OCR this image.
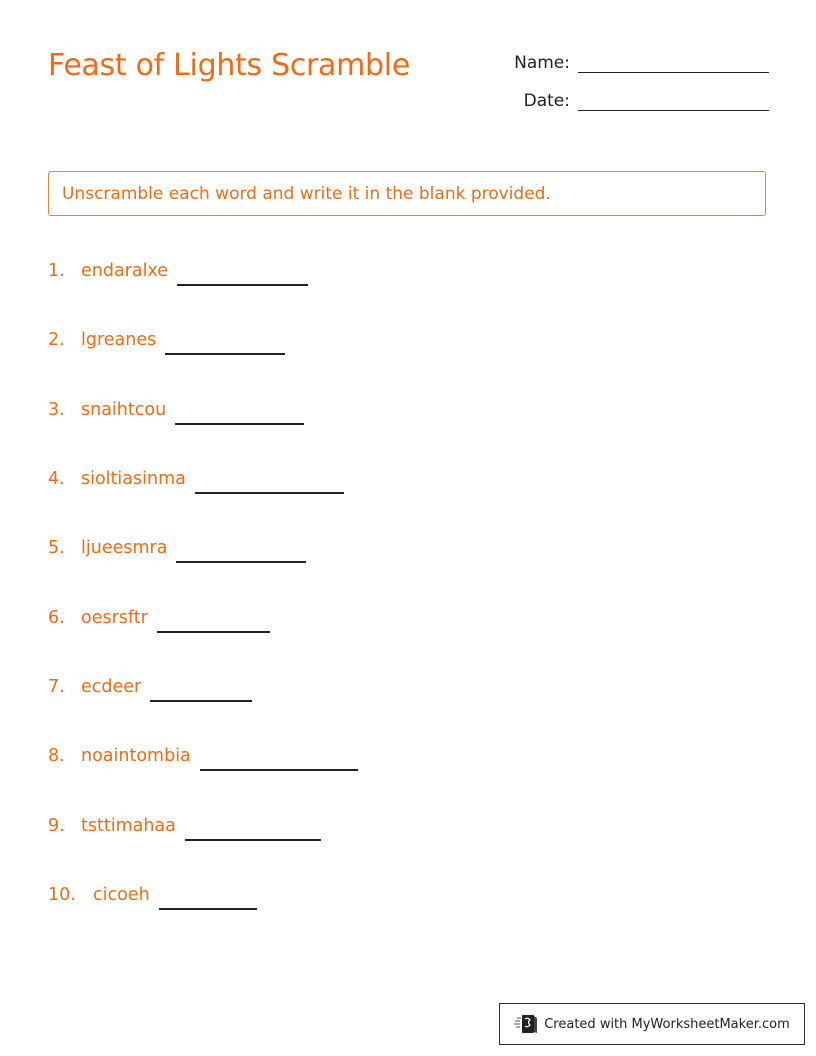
Feast of Lights Scramble	Name:
Date:
Unscramble each word and write it in the blank provided.
1. endaralxe
2. lgreanes
3. snaihtcou
4. sioltiasinma
5. ljueesmra
6. oesrsftr
7. ecdeer
8. noaintombia
9. tsttimahaa
10. cicoeh
Created with MyWorksheetMaker.com
